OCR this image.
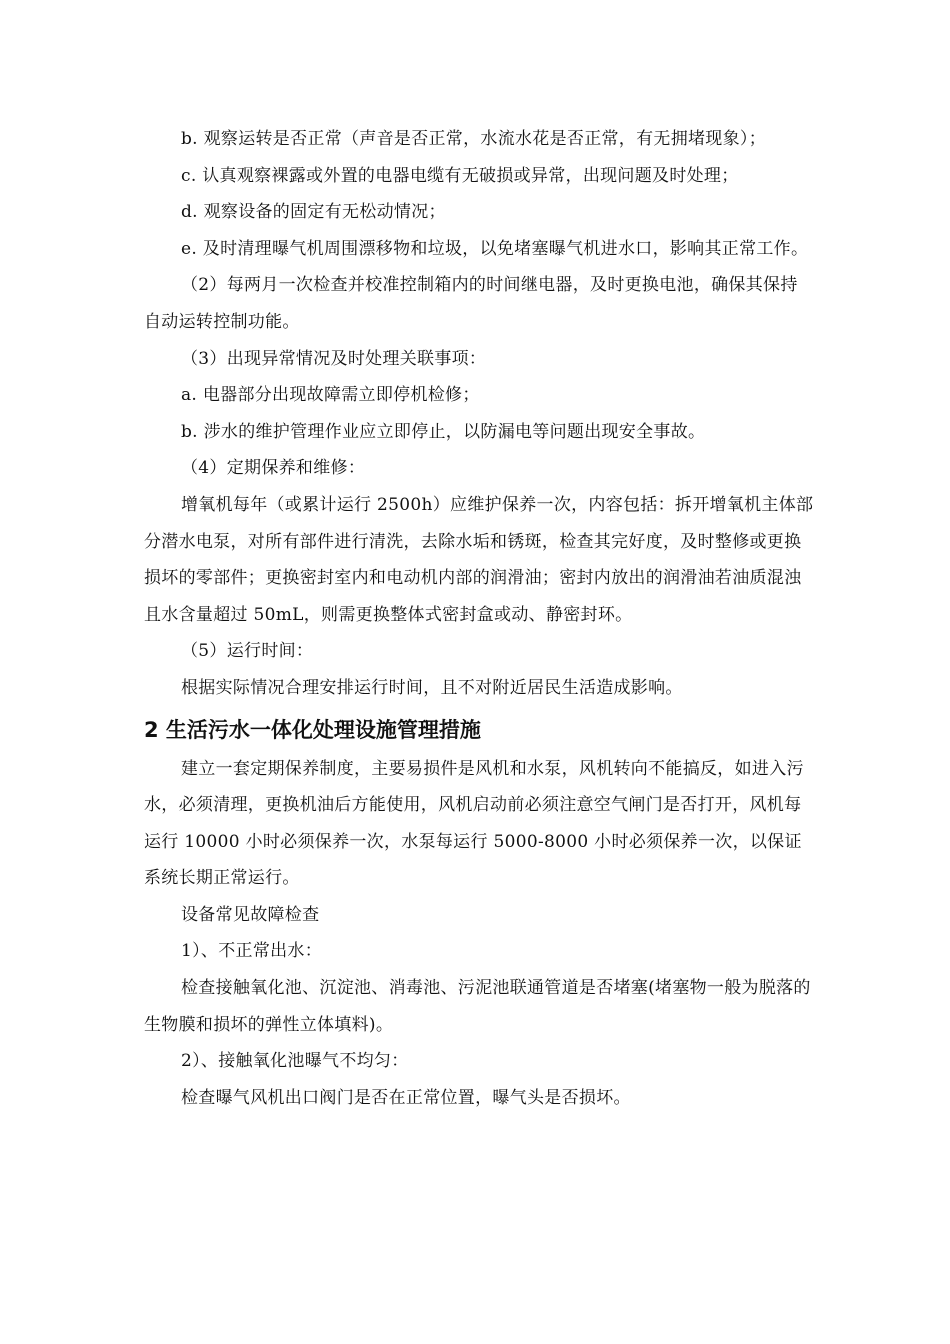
b. 观察运转是否正常（声音是否正常，水流水花是否正常，有无拥堵现象）；

c. 认真观察裸露或外置的电器电缆有无破损或异常，出现问题及时处理；

d. 观察设备的固定有无松动情况；

e. 及时清理曝气机周围漂移物和垃圾，以免堵塞曝气机进水口，影响其正常工作。

（2）每两月一次检查并校准控制箱内的时间继电器，及时更换电池，确保其保持自动运转控制功能。

（3）出现异常情况及时处理关联事项：

a. 电器部分出现故障需立即停机检修；

b. 涉水的维护管理作业应立即停止，以防漏电等问题出现安全事故。

（4）定期保养和维修：

增氧机每年（或累计运行 2500h）应维护保养一次，内容包括：拆开增氧机主体部分潜水电泵，对所有部件进行清洗，去除水垢和锈斑，检查其完好度，及时整修或更换损坏的零部件；更换密封室内和电动机内部的润滑油；密封内放出的润滑油若油质混浊且水含量超过 50mL，则需更换整体式密封盒或动、静密封环。

（5）运行时间：

根据实际情况合理安排运行时间，且不对附近居民生活造成影响。

2 生活污水一体化处理设施管理措施

建立一套定期保养制度，主要易损件是风机和水泵，风机转向不能搞反，如进入污水，必须清理，更换机油后方能使用，风机启动前必须注意空气闸门是否打开，风机每运行 10000 小时必须保养一次，水泵每运行 5000-8000 小时必须保养一次，以保证系统长期正常运行。

设备常见故障检查

1）、不正常出水：

检查接触氧化池、沉淀池、消毒池、污泥池联通管道是否堵塞(堵塞物一般为脱落的生物膜和损坏的弹性立体填料)。

2）、接触氧化池曝气不均匀：

检查曝气风机出口阀门是否在正常位置，曝气头是否损坏。
